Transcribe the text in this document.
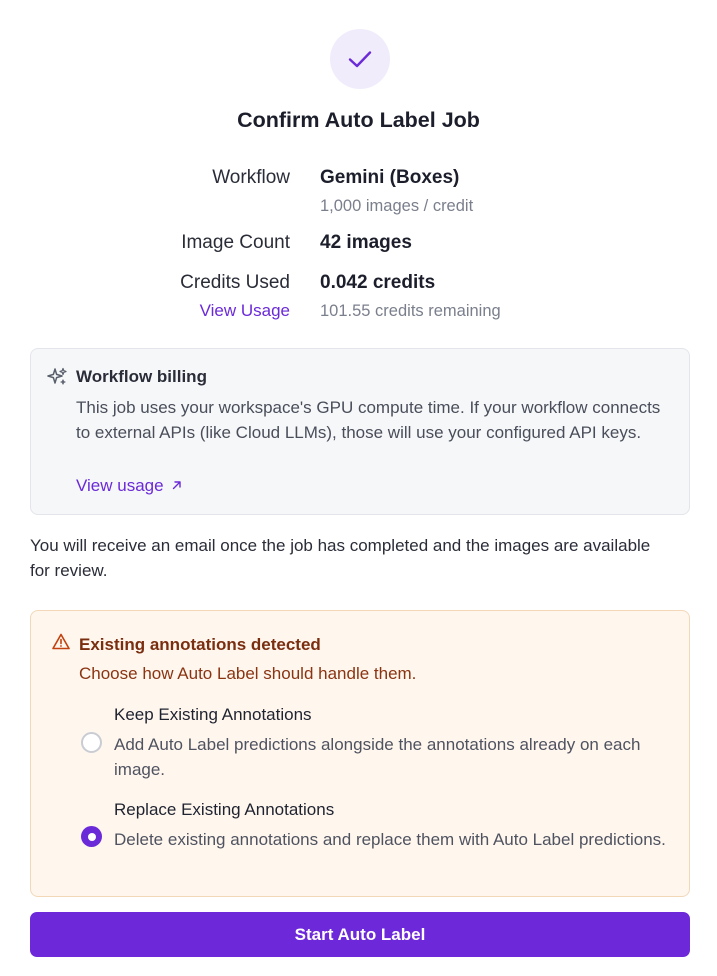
Confirm Auto Label Job
Workflow Gemini (Boxes)
1,000 images / credit
Image Count 42 images
Credits Used 0.042 credits
View Usage 101.55 credits remaining
Workflow billing
This job uses your workspace's GPU compute time. If your workflow connects to external APIs (like Cloud LLMs), those will use your configured API keys.
View usage
You will receive an email once the job has completed and the images are available for review.
Existing annotations detected
Choose how Auto Label should handle them.
Keep Existing Annotations
Add Auto Label predictions alongside the annotations already on each image.
Replace Existing Annotations
Delete existing annotations and replace them with Auto Label predictions.
Start Auto Label
